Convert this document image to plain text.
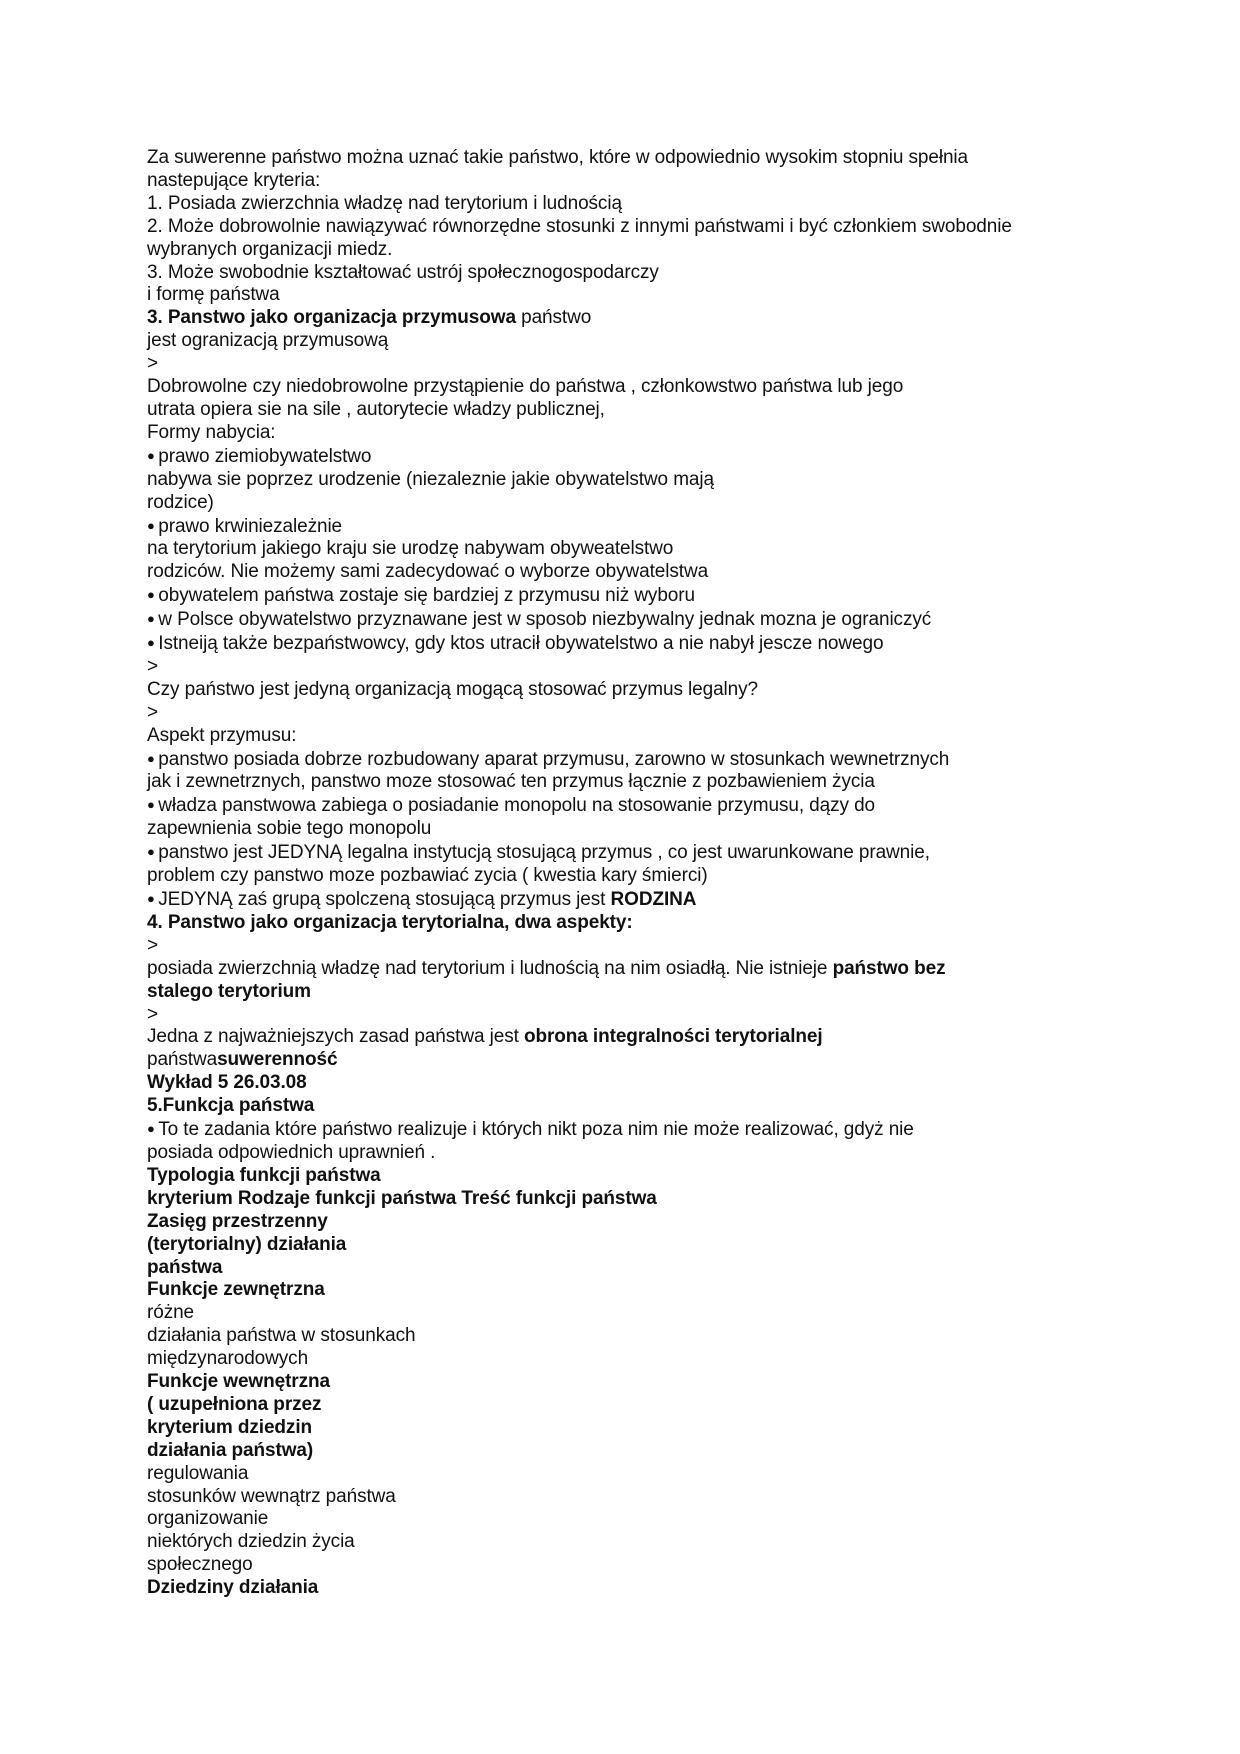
Za suwerenne państwo można uznać takie państwo, które w odpowiednio wysokim stopniu spełnia
nastepujące kryteria:
1. Posiada zwierzchnia władzę nad terytorium i ludnością
2. Może dobrowolnie nawiązywać równorzędne stosunki z innymi państwami i być członkiem swobodnie
wybranych organizacji miedz.
3. Może swobodnie kształtować ustrój społecznogospodarczy
i formę państwa
3. Panstwo jako organizacja przymusowa państwo
jest ogranizacją przymusową
>
Dobrowolne czy niedobrowolne przystąpienie do państwa , członkowstwo państwa lub jego
utrata opiera sie na sile , autorytecie władzy publicznej,
Formy nabycia:
● prawo ziemiobywatelstwo
nabywa sie poprzez urodzenie (niezaleznie jakie obywatelstwo mają
rodzice)
● prawo krwiniezależnie
na terytorium jakiego kraju sie urodzę nabywam obyweatelstwo
rodziców. Nie możemy sami zadecydować o wyborze obywatelstwa
● obywatelem państwa zostaje się bardziej z przymusu niż wyboru
● w Polsce obywatelstwo przyznawane jest w sposob niezbywalny jednak mozna je ograniczyć
● Istneiją także bezpaństwowcy, gdy ktos utracił obywatelstwo a nie nabył jescze nowego
>
Czy państwo jest jedyną organizacją mogącą stosować przymus legalny?
>
Aspekt przymusu:
● panstwo posiada dobrze rozbudowany aparat przymusu, zarowno w stosunkach wewnetrznych
jak i zewnetrznych, panstwo moze stosować ten przymus łącznie z pozbawieniem życia
● władza panstwowa zabiega o posiadanie monopolu na stosowanie przymusu, dązy do
zapewnienia sobie tego monopolu
● panstwo jest JEDYNĄ legalna instytucją stosującą przymus , co jest uwarunkowane prawnie,
problem czy panstwo moze pozbawiać zycia ( kwestia kary śmierci)
● JEDYNĄ zaś grupą spolczeną stosującą przymus jest RODZINA
4. Panstwo jako organizacja terytorialna, dwa aspekty:
>
posiada zwierzchnią władzę nad terytorium i ludnością na nim osiadłą. Nie istnieje państwo bez
stalego terytorium
>
Jedna z najważniejszych zasad państwa jest obrona integralności terytorialnej
państwasuwerenność
Wykład 5 26.03.08
5.Funkcja państwa
● To te zadania które państwo realizuje i których nikt poza nim nie może realizować, gdyż nie
posiada odpowiednich uprawnień .
Typologia funkcji państwa
kryterium Rodzaje funkcji państwa Treść funkcji państwa
Zasięg przestrzenny
(terytorialny) działania
państwa
Funkcje zewnętrzna
różne
działania państwa w stosunkach
międzynarodowych
Funkcje wewnętrzna
( uzupełniona przez
kryterium dziedzin
działania państwa)
regulowania
stosunków wewnątrz państwa
organizowanie
niektórych dziedzin życia
społecznego
Dziedziny działania
